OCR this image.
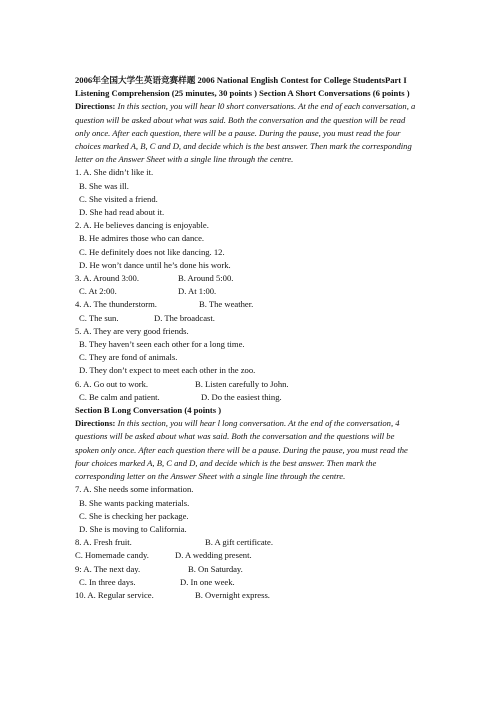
2006年全国大学生英语竞赛样题 2006 National English Contest for College StudentsPart I Listening Comprehension (25 minutes, 30 points ) Section A Short Conversations (6 points )
Directions: In this section, you will hear l0 short conversations. At the end of each conversation, a question will be asked about what was said. Both the conversation and the question will be read only once. After each question, there will be a pause. During the pause, you must read the four choices marked A, B, C and D, and decide which is the best answer. Then mark the corresponding letter on the Answer Sheet with a single line through the centre.
1. A. She didn’t like it.
B. She was ill.
C. She visited a friend.
D. She had read about it.
2. A. He believes dancing is enjoyable.
B. He admires those who can dance.
C. He definitely does not like dancing. 12.
D. He won’t dance until he’s done his work.
3. A. Around 3:00.	B. Around 5:00.
C. At 2:00.	D. At 1:00.
4. A. The thunderstorm.	B. The weather.
C. The sun.	D. The broadcast.
5. A. They are very good friends.
B. They haven’t seen each other for a long time.
C. They are fond of animals.
D. They don’t expect to meet each other in the zoo.
6. A. Go out to work.	B. Listen carefully to John.
C. Be calm and patient.	D. Do the easiest thing.
Section B Long Conversation (4 points )
Directions: In this section, you will hear l long conversation. At the end of the conversation, 4 questions will be asked about what was said. Both the conversation and the questions will be spoken only once. After each question there will be a pause. During the pause, you must read the four choices marked A, B, C and D, and decide which is the best answer. Then mark the corresponding letter on the Answer Sheet with a single line through the centre.
7. A. She needs some information.
B. She wants packing materials.
C. She is checking her package.
D. She is moving to California.
8. A. Fresh fruit.	B. A gift certificate.
C. Homemade candy.	D. A wedding present.
9: A. The next day.	B. On Saturday.
C. In three days.	D. In one week.
10. A. Regular service.	B. Overnight express.
